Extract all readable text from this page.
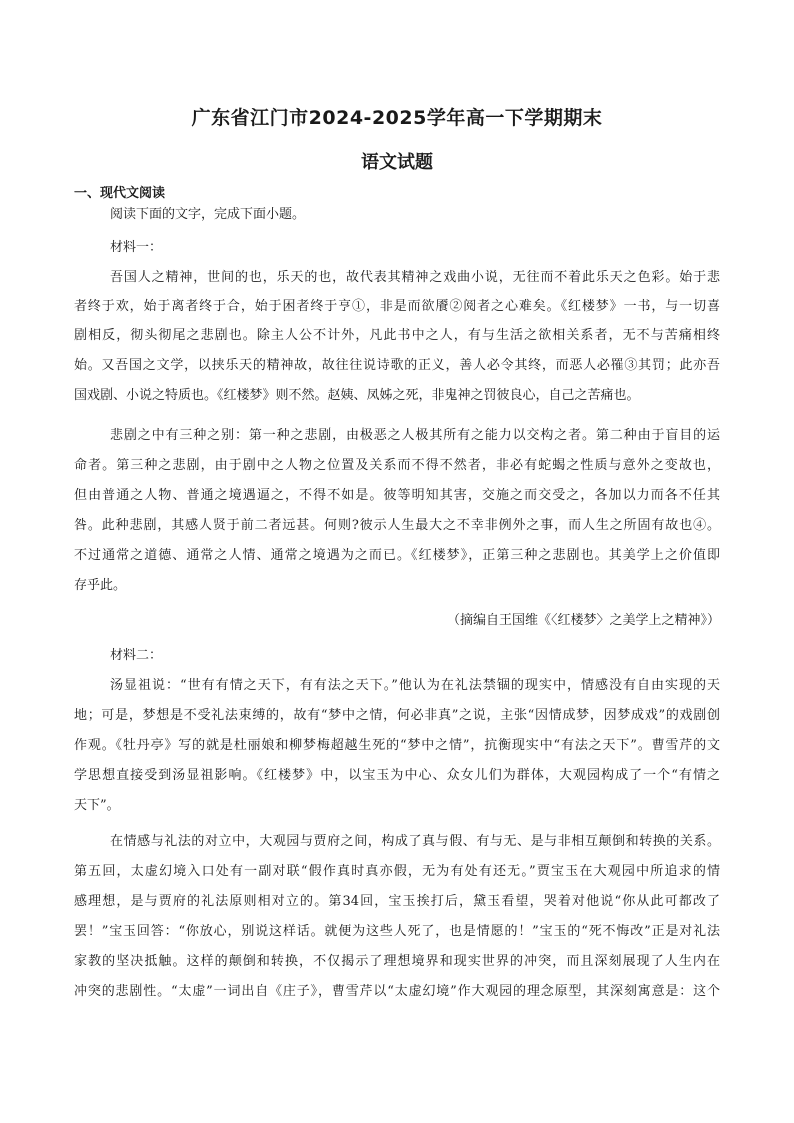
广东省江门市2024-2025学年高一下学期期末
语文试题
一、现代文阅读
阅读下面的文字，完成下面小题。
材料一：
吾国人之精神，世间的也，乐天的也，故代表其精神之戏曲小说，无往而不着此乐天之色彩。始于悲
者终于欢，始于离者终于合，始于困者终于亨①，非是而欲餍②阅者之心难矣。《红楼梦》一书，与一切喜
剧相反，彻头彻尾之悲剧也。除主人公不计外，凡此书中之人，有与生活之欲相关系者，无不与苦痛相终
始。又吾国之文学，以挟乐天的精神故，故往往说诗歌的正义，善人必令其终，而恶人必罹③其罚；此亦吾
国戏剧、小说之特质也。《红楼梦》则不然。赵姨、凤姊之死，非鬼神之罚彼良心，自己之苦痛也。
悲剧之中有三种之别：第一种之悲剧，由极恶之人极其所有之能力以交构之者。第二种由于盲目的运
命者。第三种之悲剧，由于剧中之人物之位置及关系而不得不然者，非必有蛇蝎之性质与意外之变故也，
但由普通之人物、普通之境遇逼之，不得不如是。彼等明知其害，交施之而交受之，各加以力而各不任其
咎。此种悲剧，其感人贤于前二者远甚。何则?彼示人生最大之不幸非例外之事，而人生之所固有故也④。
不过通常之道德、通常之人情、通常之境遇为之而已。《红楼梦》，正第三种之悲剧也。其美学上之价值即
存乎此。
（摘编自王国维《〈红楼梦〉之美学上之精神》）
材料二：
汤显祖说：“世有有情之天下，有有法之天下。”他认为在礼法禁锢的现实中，情感没有自由实现的天
地；可是，梦想是不受礼法束缚的，故有“梦中之情，何必非真”之说，主张“因情成梦，因梦成戏”的戏剧创
作观。《牡丹亭》写的就是杜丽娘和柳梦梅超越生死的“梦中之情”，抗衡现实中“有法之天下”。曹雪芹的文
学思想直接受到汤显祖影响。《红楼梦》中，以宝玉为中心、众女儿们为群体，大观园构成了一个“有情之
天下”。
在情感与礼法的对立中，大观园与贾府之间，构成了真与假、有与无、是与非相互颠倒和转换的关系。
第五回，太虚幻境入口处有一副对联“假作真时真亦假，无为有处有还无。”贾宝玉在大观园中所追求的情
感理想，是与贾府的礼法原则相对立的。第34回，宝玉挨打后，黛玉看望，哭着对他说“你从此可都改了
罢！”宝玉回答：“你放心，别说这样话。就便为这些人死了，也是情愿的！”宝玉的“死不悔改”正是对礼法
家教的坚决抵触。这样的颠倒和转换，不仅揭示了理想境界和现实世界的冲突，而且深刻展现了人生内在
冲突的悲剧性。“太虚”一词出自《庄子》，曹雪芹以“太虚幻境”作大观园的理念原型，其深刻寓意是：这个
